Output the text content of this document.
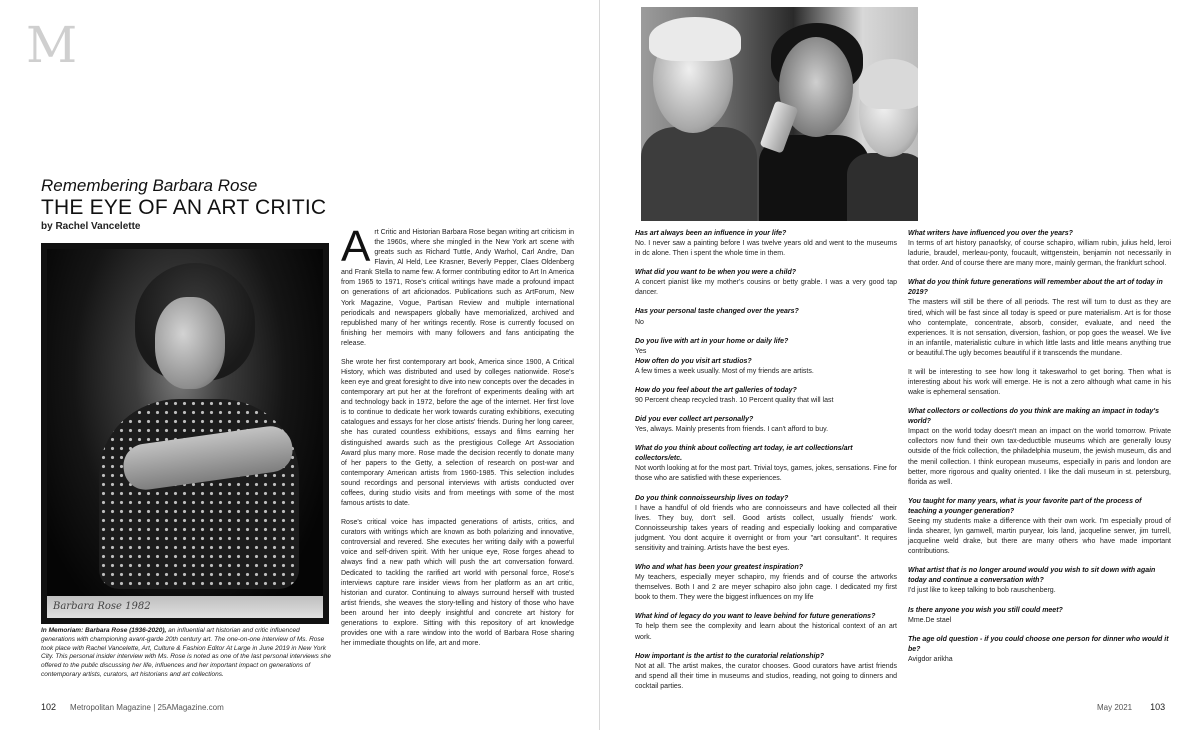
M
Remembering Barbara Rose
THE EYE OF AN ART CRITIC
by Rachel Vancelette
Barbara Rose 1982
In Memoriam: Barbara Rose (1936-2020), an influential art historian and critic influenced generations with championing avant-garde 20th century art. The one-on-one interview of Ms. Rose took place with Rachel Vancelette, Art, Culture & Fashion Editor At Large in June 2019 in New York City. This personal insider interview with Ms. Rose is noted as one of the last personal interviews she offered to the public discussing her life, influences and her important impact on generations of contemporary artists, curators, art historians and art collections.

Art Critic and Historian Barbara Rose began writing art criticism in the 1960s, where she mingled in the New York art scene with greats such as Richard Tuttle, Andy Warhol, Carl Andre, Dan Flavin, Al Held, Lee Krasner, Beverly Pepper, Claes Oldenberg and Frank Stella to name few. A former contributing editor to Art In America from 1965 to 1971, Rose's critical writings have made a profound impact on generations of art aficionados. Publications such as ArtForum, New York Magazine, Vogue, Partisan Review and multiple international periodicals and newspapers globally have memorialized, archived and republished many of her writings recently. Rose is currently focused on finishing her memoirs with many followers and fans anticipating the release.

She wrote her first contemporary art book, America since 1900, A Critical History, which was distributed and used by colleges nationwide. Rose's keen eye and great foresight to dive into new concepts over the decades in contemporary art put her at the forefront of experiments dealing with art and technology back in 1972, before the age of the internet. Her first love is to continue to dedicate her work towards curating exhibitions, executing catalogues and essays for her close artists' friends. During her long career, she has curated countless exhibitions, essays and films earning her distinguished awards such as the prestigious College Art Association Award plus many more. Rose made the decision recently to donate many of her papers to the Getty, a selection of research on post-war and contemporary American artists from 1960-1985. This selection includes sound recordings and personal interviews with artists conducted over coffees, during studio visits and from meetings with some of the most famous artists to date.

Rose's critical voice has impacted generations of artists, critics, and curators with writings which are known as both polarizing and innovative, controversial and revered. She executes her writing daily with a powerful voice and self-driven spirit. With her unique eye, Rose forges ahead to always find a new path which will push the art conversation forward. Dedicated to tackling the rarified art world with personal force, Rose's interviews capture rare insider views from her platform as an art critic, historian and curator. Continuing to always surround herself with trusted artist friends, she weaves the story-telling and history of those who have been around her into deeply insightful and concrete art history for generations to explore. Sitting with this repository of art knowledge provides one with a rare window into the world of Barbara Rose sharing her immediate thoughts on life, art and more.

102 Metropolitan Magazine | 25AMagazine.com
Has art always been an influence in your life?
No. I never saw a painting before I was twelve years old and went to the museums in dc alone. Then i spent the whole time in them.
What did you want to be when you were a child?
A concert pianist like my mother's cousins or betty grable. I was a very good tap dancer.
Has your personal taste changed over the years?
No
Do you live with art in your home or daily life?
Yes
How often do you visit art studios?
A few times a week usually. Most of my friends are artists.
How do you feel about the art galleries of today?
90 Percent cheap recycled trash. 10 Percent quality that will last
Did you ever collect art personally?
Yes, always. Mainly presents from friends. I can't afford to buy.
What do you think about collecting art today, ie art collections/art collectors/etc.
Not worth looking at for the most part. Trivial toys, games, jokes, sensations. Fine for those who are satisfied with these experiences.
Do you think connoisseurship lives on today?
I have a handful of old friends who are connoisseurs and have collected all their lives. They buy, don't sell. Good artists collect, usually friends' work. Connoisseurship takes years of reading and especially looking and comparative judgment. You dont acquire it overnight or from your "art consultant". It requires sensitivity and training. Artists have the best eyes.
Who and what has been your greatest inspiration?
My teachers, especially meyer schapiro, my friends and of course the artworks themselves. Both I and 2 are meyer schapiro also john cage. I dedicated my first book to them. They were the biggest influences on my life
What kind of legacy do you want to leave behind for future generations?
To help them see the complexity and learn about the historical context of an art work.
How important is the artist to the curatorial relationship?
Not at all. The artist makes, the curator chooses. Good curators have artist friends and spend all their time in museums and studios, reading, not going to dinners and cocktail parties.
What writers have influenced you over the years?
In terms of art history panaofsky, of course schapiro, william rubin, julius held, leroi ladurie, braudel, merleau-ponty, foucault, wittgenstein, benjamin not necessarily in that order. And of course there are many more, mainly german, the frankfurt school.
What do you think future generations will remember about the art of today in 2019?
The masters will still be there of all periods. The rest will turn to dust as they are tired, which will be fast since all today is speed or pure materialism. Art is for those who contemplate, concentrate, absorb, consider, evaluate, and need the experiences. It is not sensation, diversion, fashion, or pop goes the weasel. We live in an infantile, materialistic culture in which little lasts and little means anything true or beautiful.The ugly becomes beautiful if it transcends the mundane.
It will be interesting to see how long it takeswarhol to get boring. Then what is interesting about his work will emerge. He is not a zero although what came in his wake is ephemeral sensation.
What collectors or collections do you think are making an impact in today's world?
Impact on the world today doesn't mean an impact on the world tomorrow. Private collectors now fund their own tax-deductible museums which are generally lousy outside of the frick collection, the philadelphia museum, the jewish museum, dis and the menil collection. I think european museums, especially in paris and london are better, more rigorous and quality oriented. I like the dali museum in st. petersburg, florida as well.
You taught for many years, what is your favorite part of the process of teaching a younger generation?
Seeing my students make a difference with their own work. I'm especially proud of linda shearer, lyn gamwell, martin puryear, lois land, jacqueline serwer, jim turrell, jacqueline weld drake, but there are many others who have made important contributions.
What artist that is no longer around would you wish to sit down with again today and continue a conversation with?
I'd just like to keep talking to bob rauschenberg.
Is there anyone you wish you still could meet?
Mme.De stael
The age old question - if you could choose one person for dinner who would it be?
Avigdor arikha
May 2021 103
